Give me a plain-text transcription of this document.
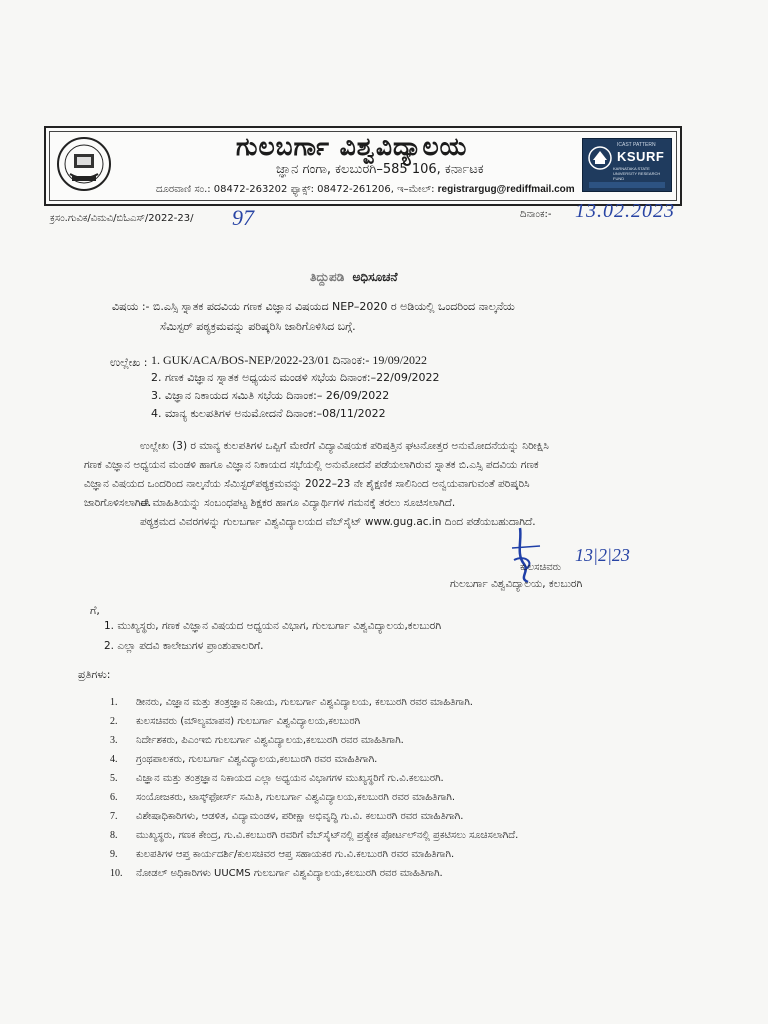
ಗುಲಬರ್ಗಾ ವಿಶ್ವವಿದ್ಯಾಲಯ
ಜ್ಞಾನ ಗಂಗಾ, ಕಲಬುರಗಿ–585 106, ಕರ್ನಾಟಕ
ದೂರವಾಣಿ ಸಂ.: 08472-263202 ಫ್ಯಾಕ್ಸ್: 08472-261206, ಇ–ಮೇಲ್: registrargug@rediffmail.com
ICAST PATTERN
KSURF
KARNATAKA STATE UNIVERSITY RESEARCH FUND
ಕ್ರಸಂ.ಗುವಿಕ/ವಿಮವಿ/ಬಿಓಎಸ್/2022-23/ 97	ದಿನಾಂಕ:- 13.02.2023
ತಿದ್ದುಪಡಿ ಅಧಿಸೂಚನೆ
ವಿಷಯ :- ಬಿ.ಎಸ್ಸಿ ಸ್ನಾತಕ ಪದವಿಯ ಗಣಕ ವಿಜ್ಞಾನ ವಿಷಯದ NEP–2020 ರ ಅಡಿಯಲ್ಲಿ ಒಂದರಿಂದ ನಾಲ್ಕನೆಯ
ಸೆಮಿಸ್ಟರ್ ಪಠ್ಯಕ್ರಮವನ್ನು ಪರಿಷ್ಕರಿಸಿ ಜಾರಿಗೊಳಿಸಿದ ಬಗ್ಗೆ.
ಉಲ್ಲೇಖ : 1. GUK/ACA/BOS-NEP/2022-23/01 ದಿನಾಂಕ:- 19/09/2022
2. ಗಣಕ ವಿಜ್ಞಾನ ಸ್ನಾತಕ ಅಧ್ಯಯನ ಮಂಡಳಿ ಸಭೆಯ ದಿನಾಂಕ:–22/09/2022
3. ವಿಜ್ಞಾನ ನಿಕಾಯದ ಸಮಿತಿ ಸಭೆಯ ದಿನಾಂಕ:– 26/09/2022
4. ಮಾನ್ಯ ಕುಲಪತಿಗಳ ಅನುಮೋದನೆ ದಿನಾಂಕ:–08/11/2022
ಉಲ್ಲೇಖ (3) ರ ಮಾನ್ಯ ಕುಲಪತಿಗಳ ಒಪ್ಪಿಗೆ ಮೇರೆಗೆ ವಿದ್ಯಾವಿಷಯಕ ಪರಿಷತ್ತಿನ ಘಟನೋತ್ತರ ಅನುಮೋದನೆಯನ್ನು ನಿರೀಕ್ಷಿಸಿ
ಗಣಕ ವಿಜ್ಞಾನ ಅಧ್ಯಯನ ಮಂಡಳಿ ಹಾಗೂ ವಿಜ್ಞಾನ ನಿಕಾಯದ ಸಭೆಯಲ್ಲಿ ಅನುಮೋದನೆ ಪಡೆಯಲಾಗಿರುವ ಸ್ನಾತಕ ಬಿ.ಎಸ್ಸಿ ಪದವಿಯ ಗಣಕ
ವಿಜ್ಞಾನ ವಿಷಯದ ಒಂದರಿಂದ ನಾಲ್ಕನೆಯ ಸೆಮಿಸ್ಟರ್‌ಪಠ್ಯಕ್ರಮವನ್ನು 2022–23 ನೇ ಶೈಕ್ಷಣಿಕ ಸಾಲಿನಿಂದ ಅನ್ವಯವಾಗುವಂತೆ ಪರಿಷ್ಕರಿಸಿ
ಜಾರಿಗೊಳಿಸಲಾಗಿದೆ.
ಈ ಮಾಹಿತಿಯನ್ನು ಸಂಬಂಧಪಟ್ಟ ಶಿಕ್ಷಕರ ಹಾಗೂ ವಿದ್ಯಾರ್ಥಿಗಳ ಗಮನಕ್ಕೆ ತರಲು ಸೂಚಿಸಲಾಗಿದೆ.
ಪಠ್ಯಕ್ರಮದ ವಿವರಗಳನ್ನು ಗುಲಬರ್ಗಾ ವಿಶ್ವವಿದ್ಯಾಲಯದ ವೆಬ್‌ಸೈಟ್ www.gug.ac.in ದಿಂದ ಪಡೆಯಬಹುದಾಗಿದೆ.
13|2|23
ಕುಲಸಚಿವರು
ಗುಲಬರ್ಗಾ ವಿಶ್ವವಿದ್ಯಾಲಯ, ಕಲಬುರಗಿ
ಗೆ,
1. ಮುಖ್ಯಸ್ಥರು, ಗಣಕ ವಿಜ್ಞಾನ ವಿಷಯದ ಅಧ್ಯಯನ ವಿಭಾಗ, ಗುಲಬರ್ಗಾ ವಿಶ್ವವಿದ್ಯಾಲಯ,ಕಲಬುರಗಿ
2. ಎಲ್ಲಾ ಪದವಿ ಕಾಲೇಜುಗಳ ಪ್ರಾಂಶುಪಾಲರಿಗೆ.
ಪ್ರತಿಗಳು:
1. ಡೀನರು, ವಿಜ್ಞಾನ ಮತ್ತು ತಂತ್ರಜ್ಞಾನ ನಿಕಾಯ, ಗುಲಬರ್ಗಾ ವಿಶ್ವವಿದ್ಯಾಲಯ, ಕಲಬುರಗಿ ರವರ ಮಾಹಿತಿಗಾಗಿ.
2. ಕುಲಸಚಿವರು (ಮೌಲ್ಯಮಾಪನ) ಗುಲಬರ್ಗಾ ವಿಶ್ವವಿದ್ಯಾಲಯ,ಕಲಬುರಗಿ
3. ನಿರ್ದೇಶಕರು, ಪಿಎಂಇಬಿ ಗುಲಬರ್ಗಾ ವಿಶ್ವವಿದ್ಯಾಲಯ,ಕಲಬುರಗಿ ರವರ ಮಾಹಿತಿಗಾಗಿ.
4. ಗ್ರಂಥಪಾಲಕರು, ಗುಲಬರ್ಗಾ ವಿಶ್ವವಿದ್ಯಾಲಯ,ಕಲಬುರಗಿ ರವರ ಮಾಹಿತಿಗಾಗಿ.
5. ವಿಜ್ಞಾನ ಮತ್ತು ತಂತ್ರಜ್ಞಾನ ನಿಕಾಯದ ಎಲ್ಲಾ ಅಧ್ಯಯನ ವಿಭಾಗಗಳ ಮುಖ್ಯಸ್ಥರಿಗೆ ಗು.ವಿ.ಕಲಬುರಗಿ.
6. ಸಂಯೋಜಕರು, ಟಾಸ್ಕ್‌ಫೋರ್ಸ್ ಸಮಿತಿ, ಗುಲಬರ್ಗಾ ವಿಶ್ವವಿದ್ಯಾಲಯ,ಕಲಬುರಗಿ ರವರ ಮಾಹಿತಿಗಾಗಿ.
7. ವಿಶೇಷಾಧಿಕಾರಿಗಳು, ಆಡಳಿತ, ವಿದ್ಯಾಮಂಡಳ, ಪರೀಕ್ಷಾ ಅಭಿವೃದ್ಧಿ ಗು.ವಿ. ಕಲಬುರಗಿ ರವರ ಮಾಹಿತಿಗಾಗಿ.
8. ಮುಖ್ಯಸ್ಥರು, ಗಣಕ ಕೇಂದ್ರ, ಗು.ವಿ.ಕಲಬುರಗಿ ರವರಿಗೆ ವೆಬ್‌ಸೈಟ್‌ನಲ್ಲಿ ಪ್ರತ್ಯೇಕ ಪೋರ್ಟಲ್‌ನಲ್ಲಿ ಪ್ರಕಟಿಸಲು ಸೂಚಿಸಲಾಗಿದೆ.
9. ಕುಲಪತಿಗಳ ಆಪ್ತ ಕಾರ್ಯದರ್ಶಿ/ಕುಲಸಚಿವರ ಆಪ್ತ ಸಹಾಯಕರ ಗು.ವಿ.ಕಲಬುರಗಿ ರವರ ಮಾಹಿತಿಗಾಗಿ.
10. ನೋಡಲ್ ಅಧಿಕಾರಿಗಳು UUCMS ಗುಲಬರ್ಗಾ ವಿಶ್ವವಿದ್ಯಾಲಯ,ಕಲಬುರಗಿ ರವರ ಮಾಹಿತಿಗಾಗಿ.
